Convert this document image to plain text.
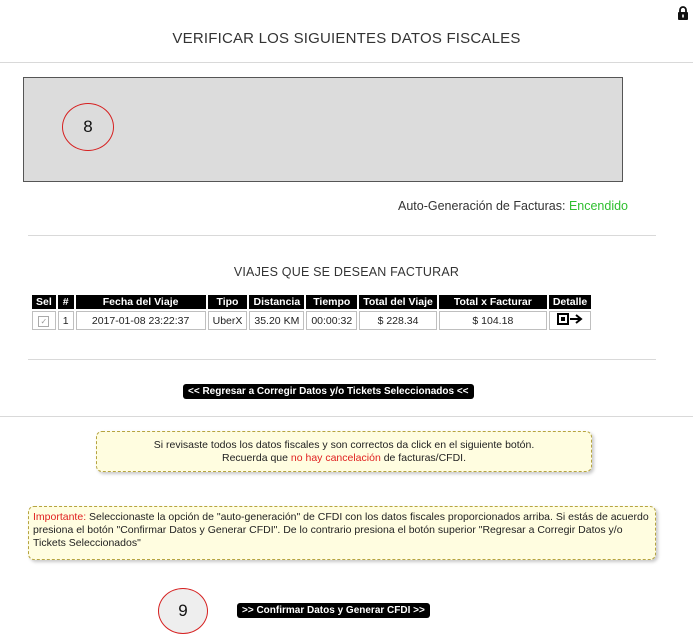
VERIFICAR LOS SIGUIENTES DATOS FISCALES
8
Auto-Generación de Facturas: Encendido
VIAJES QUE SE DESEAN FACTURAR
Sel	#	Fecha del Viaje	Tipo	Distancia	Tiempo	Total del Viaje	Total x Facturar	Detalle
✓	1	2017-01-08 23:22:37	UberX	35.20 KM	00:00:32	$ 228.34	$ 104.18	
<< Regresar a Corregir Datos y/o Tickets Seleccionados <<
Si revisaste todos los datos fiscales y son correctos da click en el siguiente botón.
Recuerda que no hay cancelación de facturas/CFDI.
Importante: Seleccionaste la opción de "auto-generación" de CFDI con los datos fiscales proporcionados arriba. Si estás de acuerdo presiona el botón "Confirmar Datos y Generar CFDI". De lo contrario presiona el botón superior "Regresar a Corregir Datos y/o Tickets Seleccionados"
9	>> Confirmar Datos y Generar CFDI >>
